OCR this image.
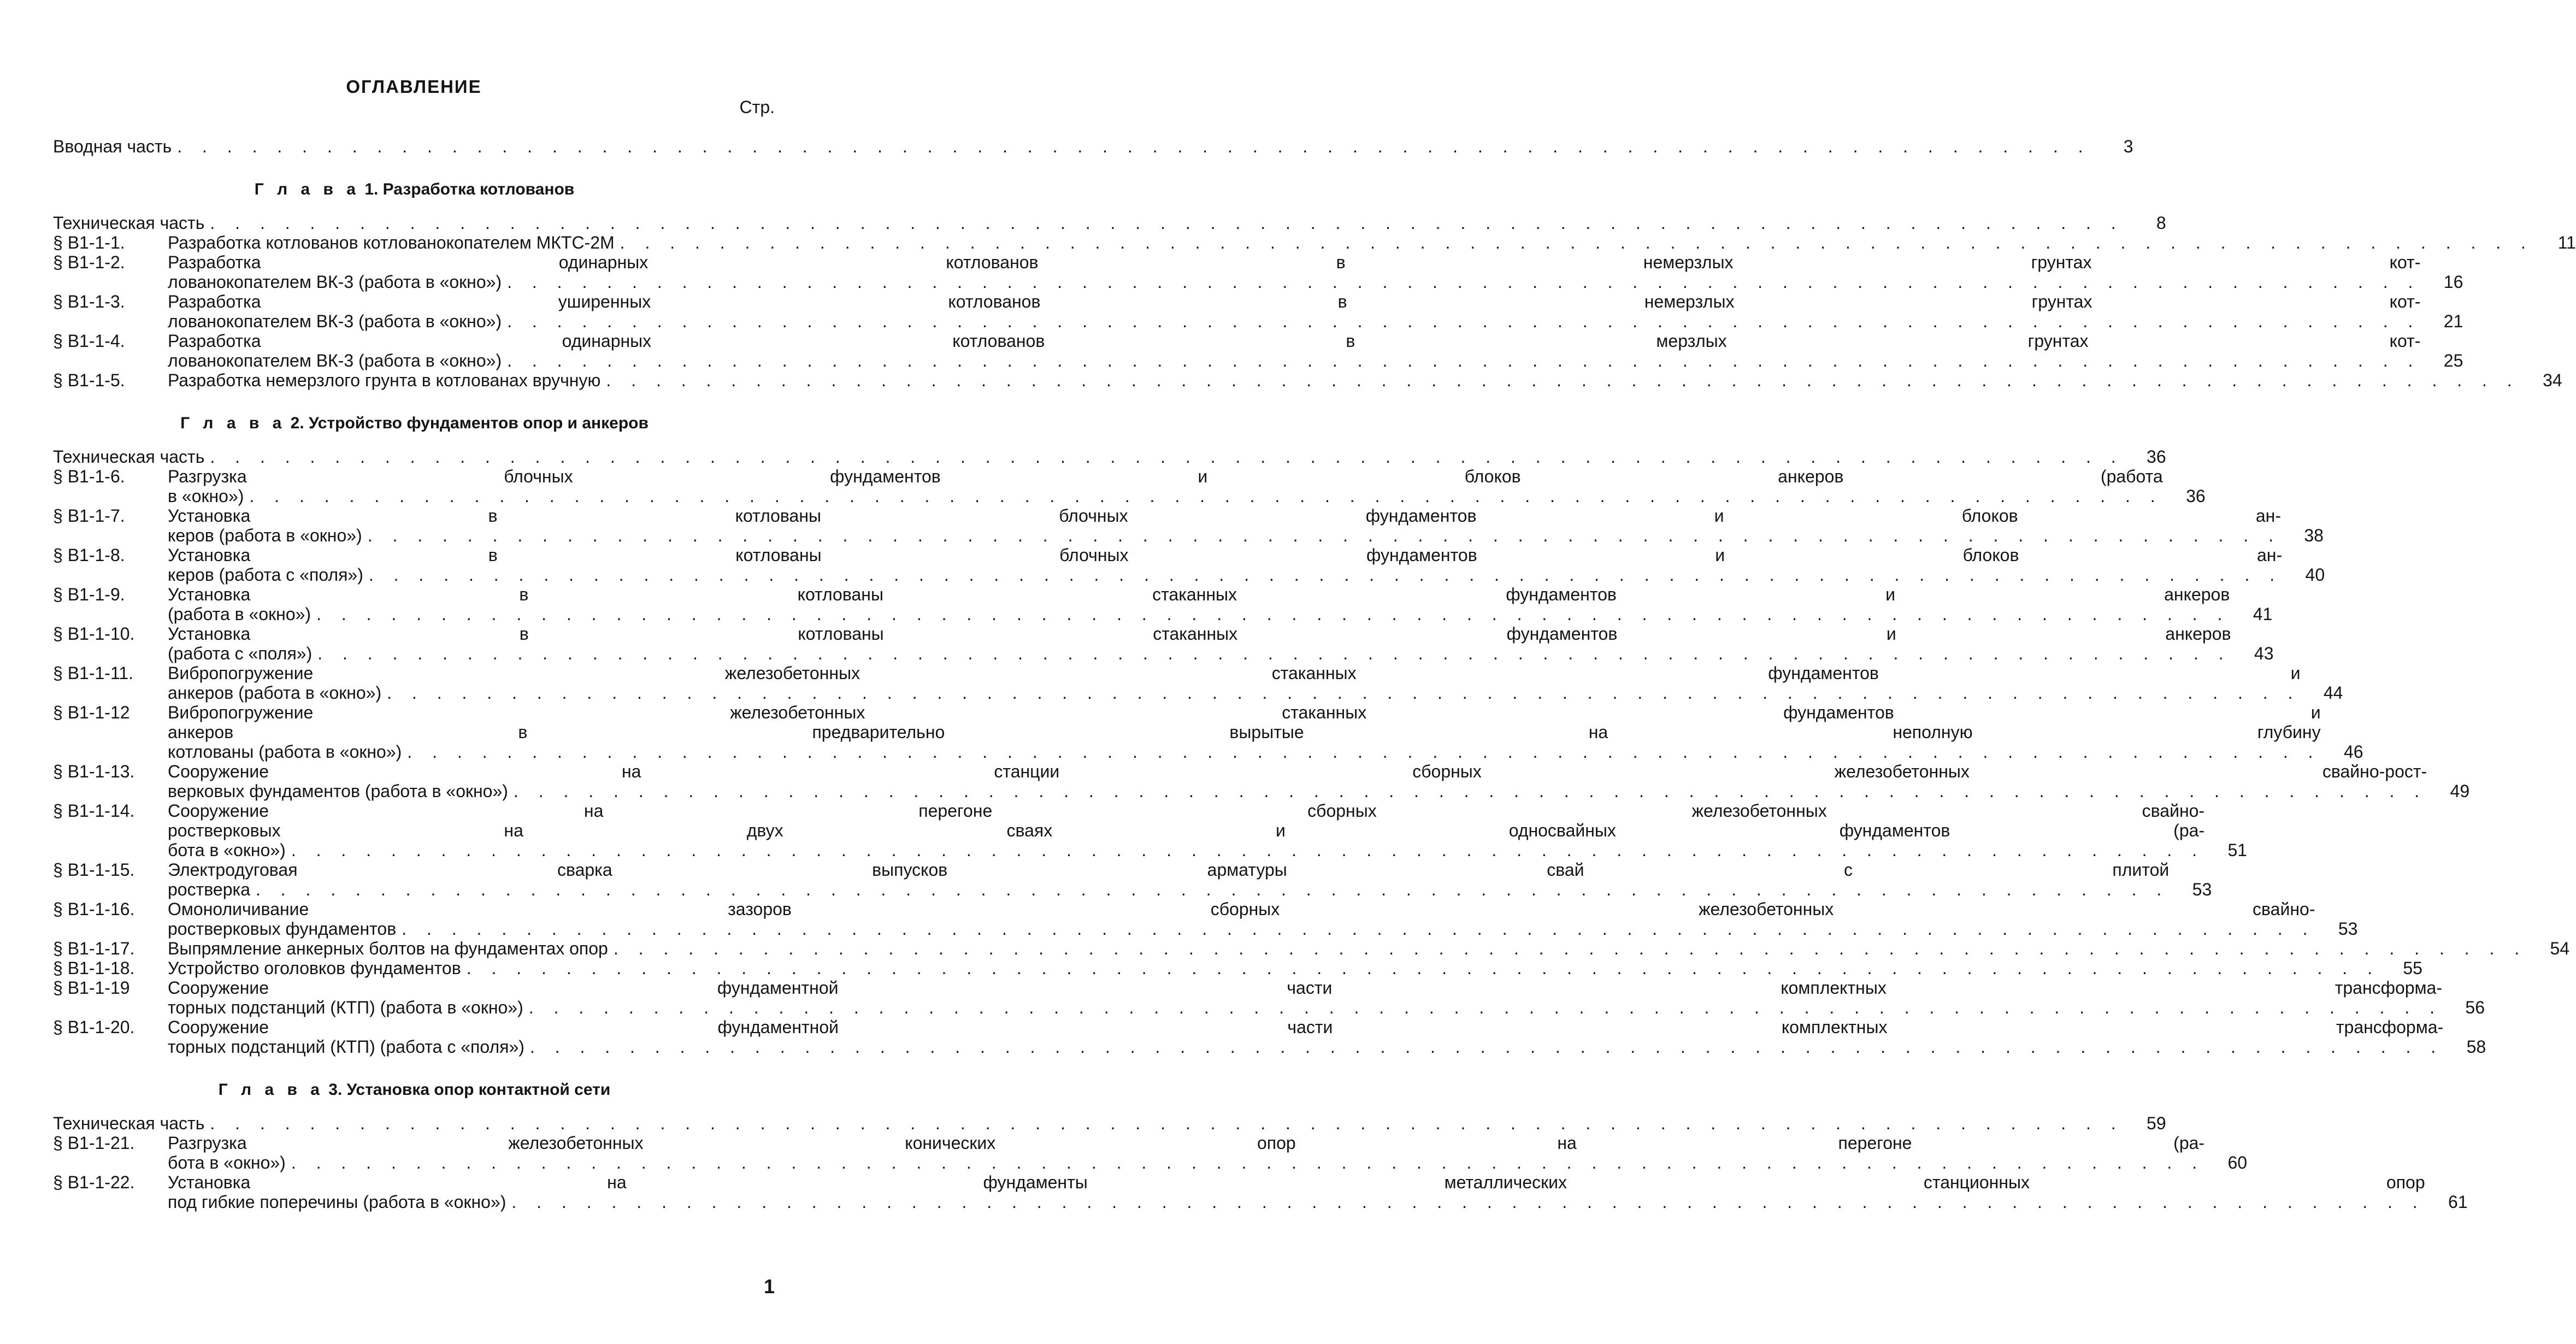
ОГЛАВЛЕНИЕ
Стр.
Вводная часть . . .	3
Г л а в а 1. Разработка котлованов
Техническая часть . . .	8
§ В1-1-1.	Разработка котлованов котлованокопателем МКТС-2М . . .	11
§ В1-1-2.	Разработка одинарных котлованов в немерзлых грунтах кот-
лованокопателем ВК-3 (работа в «окно») . . .	16
§ В1-1-3.	Разработка уширенных котлованов в немерзлых грунтах кот-
лованокопателем ВК-3 (работа в «окно») . . .	21
§ В1-1-4.	Разработка одинарных котлованов в мерзлых грунтах кот-
лованокопателем ВК-3 (работа в «окно») . . .	25
§ В1-1-5.	Разработка немерзлого грунта в котлованах вручную . . .	34
Г л а в а 2. Устройство фундаментов опор и анкеров
Техническая часть . . .	36
§ В1-1-6.	Разгрузка блочных фундаментов и блоков анкеров (работа
в «окно») . . .	36
§ В1-1-7.	Установка в котлованы блочных фундаментов и блоков ан-
керов (работа в «окно») . . .	38
§ В1-1-8.	Установка в котлованы блочных фундаментов и блоков ан-
керов (работа с «поля») . . .	40
§ В1-1-9.	Установка в котлованы стаканных фундаментов и анкеров
(работа в «окно») . . .	41
§ В1-1-10.	Установка в котлованы стаканных фундаментов и анкеров
(работа с «поля») . . .	43
§ В1-1-11.	Вибропогружение железобетонных стаканных фундаментов и
анкеров (работа в «окно») . . .	44
§ В1-1-12	Вибропогружение железобетонных стаканных фундаментов и
анкеров в предварительно вырытые на неполную глубину
котлованы (работа в «окно») . . .	46
§ В1-1-13.	Сооружение на станции сборных железобетонных свайно-рост-
верковых фундаментов (работа в «окно») . . .	49
§ В1-1-14.	Сооружение на перегоне сборных железобетонных свайно-
ростверковых на двух сваях и односвайных фундаментов (ра-
бота в «окно») . . .	51
§ В1-1-15.	Электродуговая сварка выпусков арматуры свай с плитой
ростверка . . .	53
§ В1-1-16.	Омоноличивание зазоров сборных железобетонных свайно-
ростверковых фундаментов . . .	53
§ В1-1-17.	Выпрямление анкерных болтов на фундаментах опор . . .	54
§ В1-1-18.	Устройство оголовков фундаментов . . .	55
§ В1-1-19	Сооружение фундаментной части комплектных трансформа-
торных подстанций (КТП) (работа в «окно») . . .	56
§ В1-1-20.	Сооружение фундаментной части комплектных трансформа-
торных подстанций (КТП) (работа с «поля») . . .	58
Г л а в а 3. Установка опор контактной сети
Техническая часть . . .	59
§ В1-1-21.	Разгрузка железобетонных конических опор на перегоне (ра-
бота в «окно») . . .	60
§ В1-1-22.	Установка на фундаменты металлических станционных опор
под гибкие поперечины (работа в «окно») . . .	61
1
